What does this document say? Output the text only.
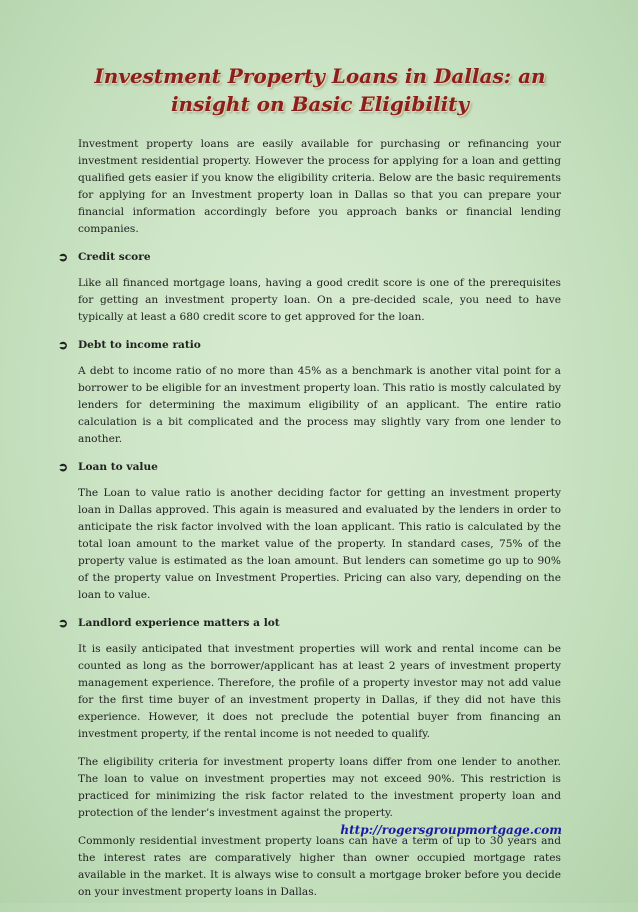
Investment Property Loans in Dallas: an insight on Basic Eligibility

Investment property loans are easily available for purchasing or refinancing your investment residential property. However the process for applying for a loan and getting qualified gets easier if you know the eligibility criteria. Below are the basic requirements for applying for an Investment property loan in Dallas so that you can prepare your financial information accordingly before you approach banks or financial lending companies.

➲ Credit score

Like all financed mortgage loans, having a good credit score is one of the prerequisites for getting an investment property loan. On a pre-decided scale, you need to have typically at least a 680 credit score to get approved for the loan.

➲ Debt to income ratio

A debt to income ratio of no more than 45% as a benchmark is another vital point for a borrower to be eligible for an investment property loan. This ratio is mostly calculated by lenders for determining the maximum eligibility of an applicant. The entire ratio calculation is a bit complicated and the process may slightly vary from one lender to another.

➲ Loan to value

The Loan to value ratio is another deciding factor for getting an investment property loan in Dallas approved. This again is measured and evaluated by the lenders in order to anticipate the risk factor involved with the loan applicant. This ratio is calculated by the total loan amount to the market value of the property. In standard cases, 75% of the property value is estimated as the loan amount. But lenders can sometime go up to 90% of the property value on Investment Properties. Pricing can also vary, depending on the loan to value.

➲ Landlord experience matters a lot

It is easily anticipated that investment properties will work and rental income can be counted as long as the borrower/applicant has at least 2 years of investment property management experience. Therefore, the profile of a property investor may not add value for the first time buyer of an investment property in Dallas, if they did not have this experience. However, it does not preclude the potential buyer from financing an investment property, if the rental income is not needed to qualify.

The eligibility criteria for investment property loans differ from one lender to another. The loan to value on investment properties may not exceed 90%. This restriction is practiced for minimizing the risk factor related to the investment property loan and protection of the lender’s investment against the property.

Commonly residential investment property loans can have a term of up to 30 years and the interest rates are comparatively higher than owner occupied mortgage rates available in the market. It is always wise to consult a mortgage broker before you decide on your investment property loans in Dallas.

http://rogersgroupmortgage.com
